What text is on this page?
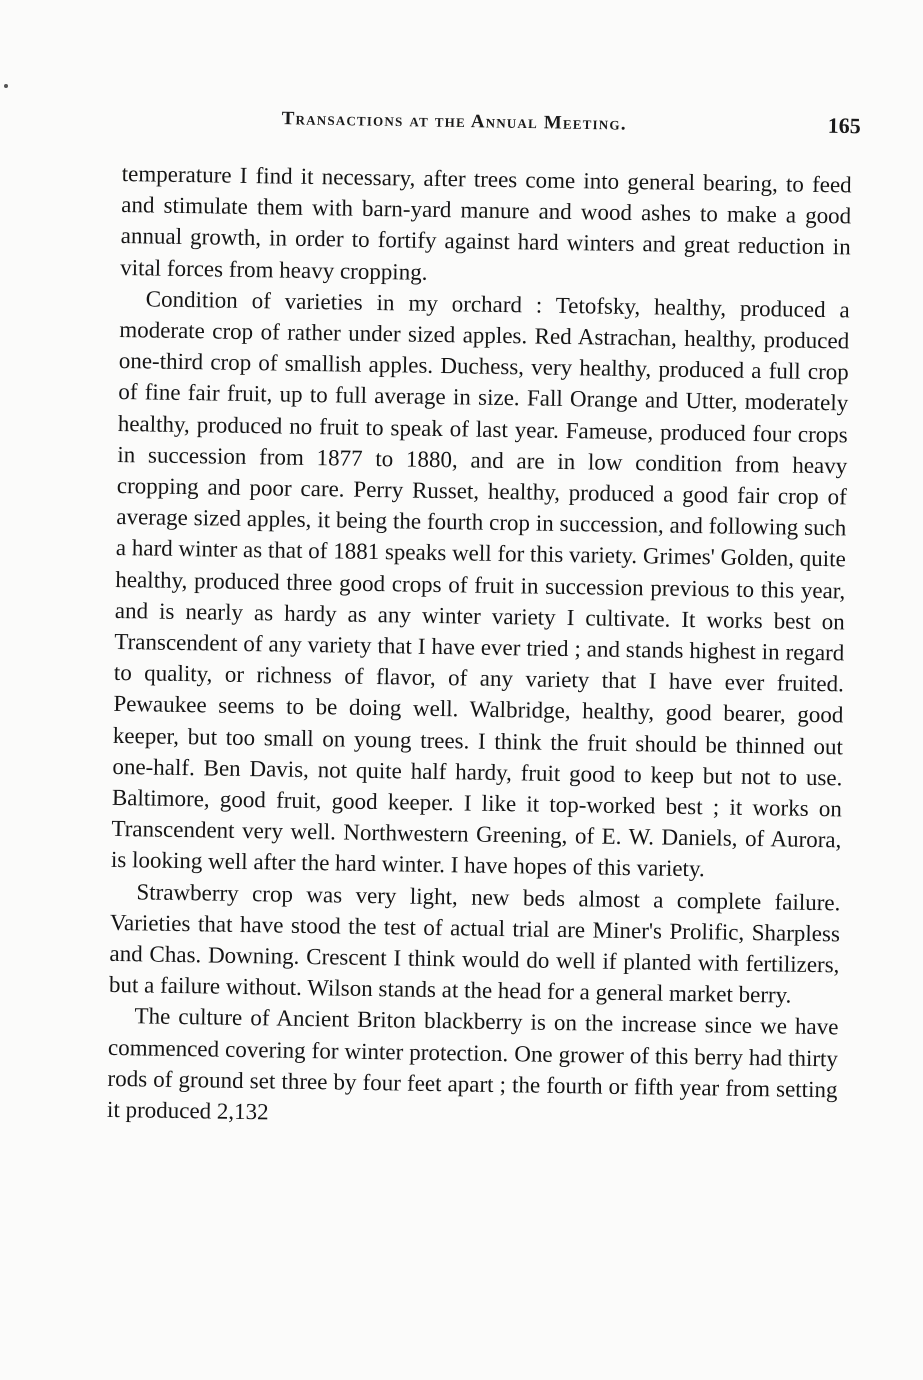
Transactions at the Annual Meeting.	165

temperature I find it necessary, after trees come into general bearing, to feed and stimulate them with barn-yard manure and wood ashes to make a good annual growth, in order to fortify against hard winters and great reduction in vital forces from heavy cropping.

Condition of varieties in my orchard : Tetofsky, healthy, produced a moderate crop of rather under sized apples. Red Astrachan, healthy, produced one-third crop of smallish apples. Duchess, very healthy, produced a full crop of fine fair fruit, up to full average in size. Fall Orange and Utter, moderately healthy, produced no fruit to speak of last year. Fameuse, produced four crops in succession from 1877 to 1880, and are in low condition from heavy cropping and poor care. Perry Russet, healthy, produced a good fair crop of average sized apples, it being the fourth crop in succession, and following such a hard winter as that of 1881 speaks well for this variety. Grimes' Golden, quite healthy, produced three good crops of fruit in succession previous to this year, and is nearly as hardy as any winter variety I cultivate. It works best on Transcendent of any variety that I have ever tried ; and stands highest in regard to quality, or richness of flavor, of any variety that I have ever fruited. Pewaukee seems to be doing well. Walbridge, healthy, good bearer, good keeper, but too small on young trees. I think the fruit should be thinned out one-half. Ben Davis, not quite half hardy, fruit good to keep but not to use. Baltimore, good fruit, good keeper. I like it top-worked best ; it works on Transcendent very well. Northwestern Greening, of E. W. Daniels, of Aurora, is looking well after the hard winter. I have hopes of this variety.

Strawberry crop was very light, new beds almost a complete failure. Varieties that have stood the test of actual trial are Miner's Prolific, Sharpless and Chas. Downing. Crescent I think would do well if planted with fertilizers, but a failure without. Wilson stands at the head for a general market berry.

The culture of Ancient Briton blackberry is on the increase since we have commenced covering for winter protection. One grower of this berry had thirty rods of ground set three by four feet apart ; the fourth or fifth year from setting it produced 2,132
